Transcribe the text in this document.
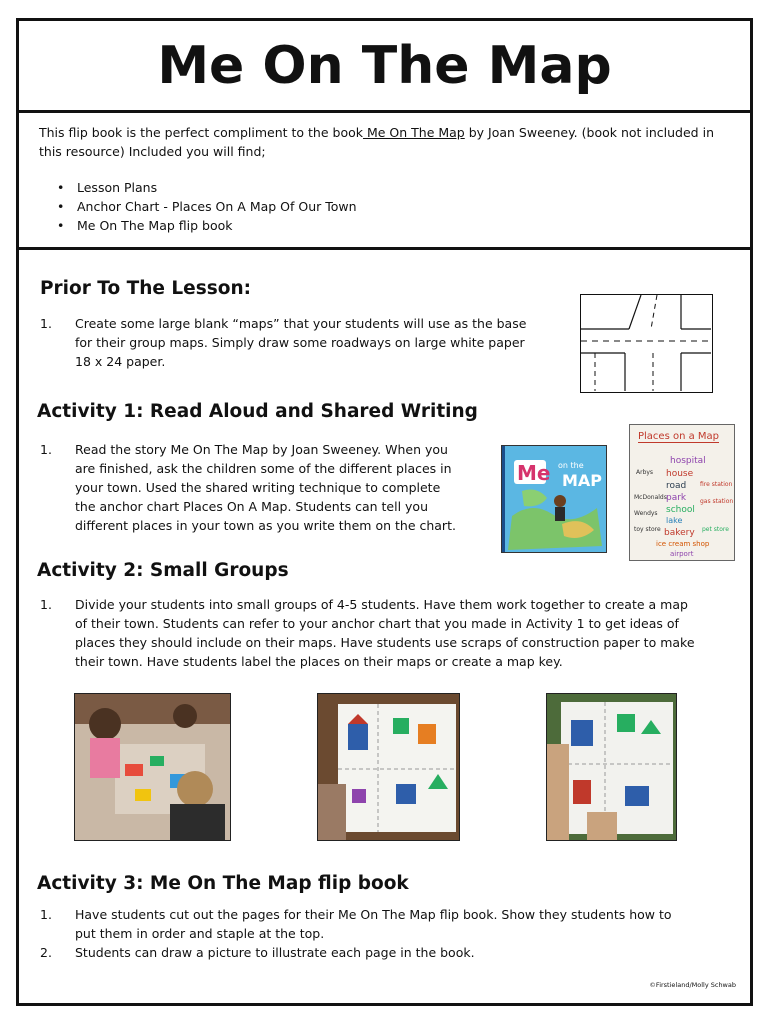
Me On The Map

This flip book is the perfect compliment to the book Me On The Map by Joan Sweeney. (book not included in this resource) Included you will find;

• Lesson Plans
• Anchor Chart - Places On A Map Of Our Town
• Me On The Map flip book
Prior To The Lesson:
1. Create some large blank “maps” that your students will use as the base for their group maps. Simply draw some roadways on large white paper 18 x 24 paper.
Activity 1: Read Aloud and Shared Writing
1. Read the story Me On The Map by Joan Sweeney. When you are finished, ask the children some of the different places in your town. Used the shared writing technique to complete the anchor chart Places On A Map. Students can tell you different places in your town as you write them on the chart.
Me on the
MAP
Places on a Map
hospital
Arbys house
road fire station
McDonalds park gas station
Wendys school
lake
toy store bakery pet store
ice cream shop
airport
Activity 2: Small Groups
1. Divide your students into small groups of 4-5 students. Have them work together to create a map of their town. Students can refer to your anchor chart that you made in Activity 1 to get ideas of places they should include on their maps. Have students use scraps of construction paper to make their town. Have students label the places on their maps or create a map key.
Activity 3: Me On The Map flip book
1. Have students cut out the pages for their Me On The Map flip book. Show they students how to put them in order and staple at the top.
2. Students can draw a picture to illustrate each page in the book.
©Firstieland/Molly Schwab
